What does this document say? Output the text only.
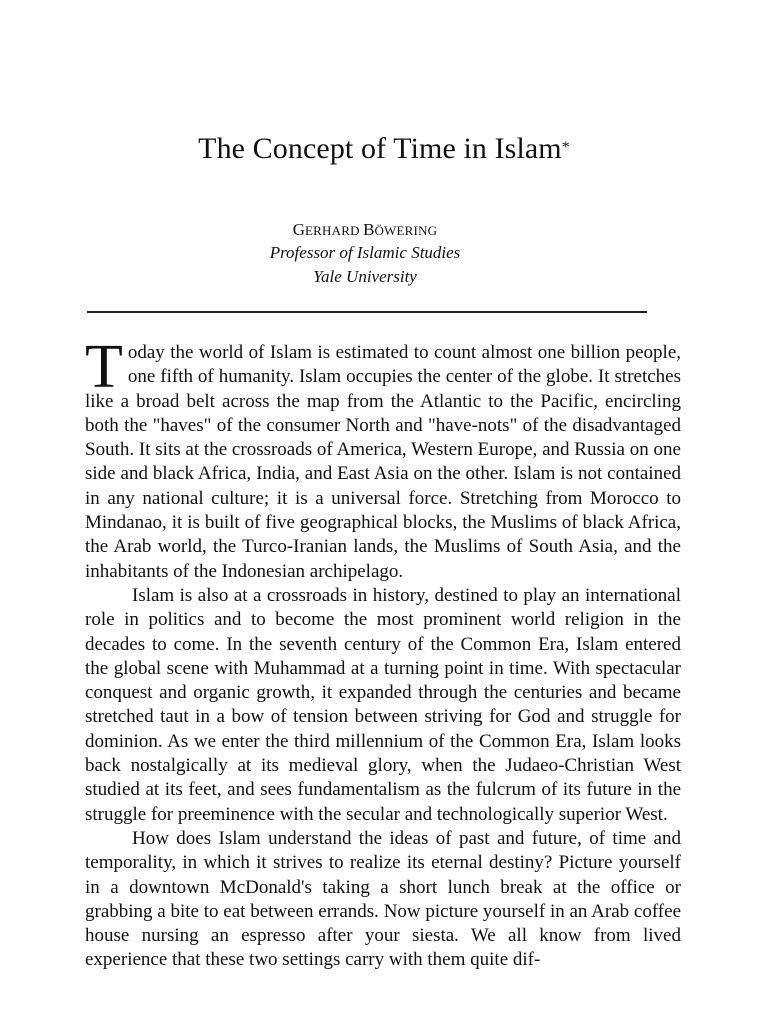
The Concept of Time in Islam*
GERHARD BÖWERING
Professor of Islamic Studies
Yale University

Today the world of Islam is estimated to count almost one billion people, one fifth of humanity. Islam occupies the center of the globe. It stretches like a broad belt across the map from the Atlantic to the Pacific, encircling both the "haves" of the consumer North and "have-nots" of the disadvantaged South. It sits at the crossroads of America, Western Europe, and Russia on one side and black Africa, India, and East Asia on the other. Islam is not contained in any national culture; it is a universal force. Stretching from Morocco to Mindanao, it is built of five geographical blocks, the Muslims of black Africa, the Arab world, the Turco-Iranian lands, the Muslims of South Asia, and the inhabitants of the Indonesian archipelago.

Islam is also at a crossroads in history, destined to play an international role in politics and to become the most prominent world religion in the decades to come. In the seventh century of the Common Era, Islam entered the global scene with Muhammad at a turning point in time. With spectacular conquest and organic growth, it expanded through the centuries and became stretched taut in a bow of tension between striving for God and struggle for dominion. As we enter the third millennium of the Common Era, Islam looks back nostalgically at its medieval glory, when the Judaeo-Christian West studied at its feet, and sees fundamentalism as the fulcrum of its future in the struggle for preeminence with the secular and technologically superior West.

How does Islam understand the ideas of past and future, of time and temporality, in which it strives to realize its eternal destiny? Picture yourself in a downtown McDonald's taking a short lunch break at the office or grabbing a bite to eat between errands. Now picture yourself in an Arab coffee house nursing an espresso after your siesta. We all know from lived experience that these two settings carry with them quite dif-
